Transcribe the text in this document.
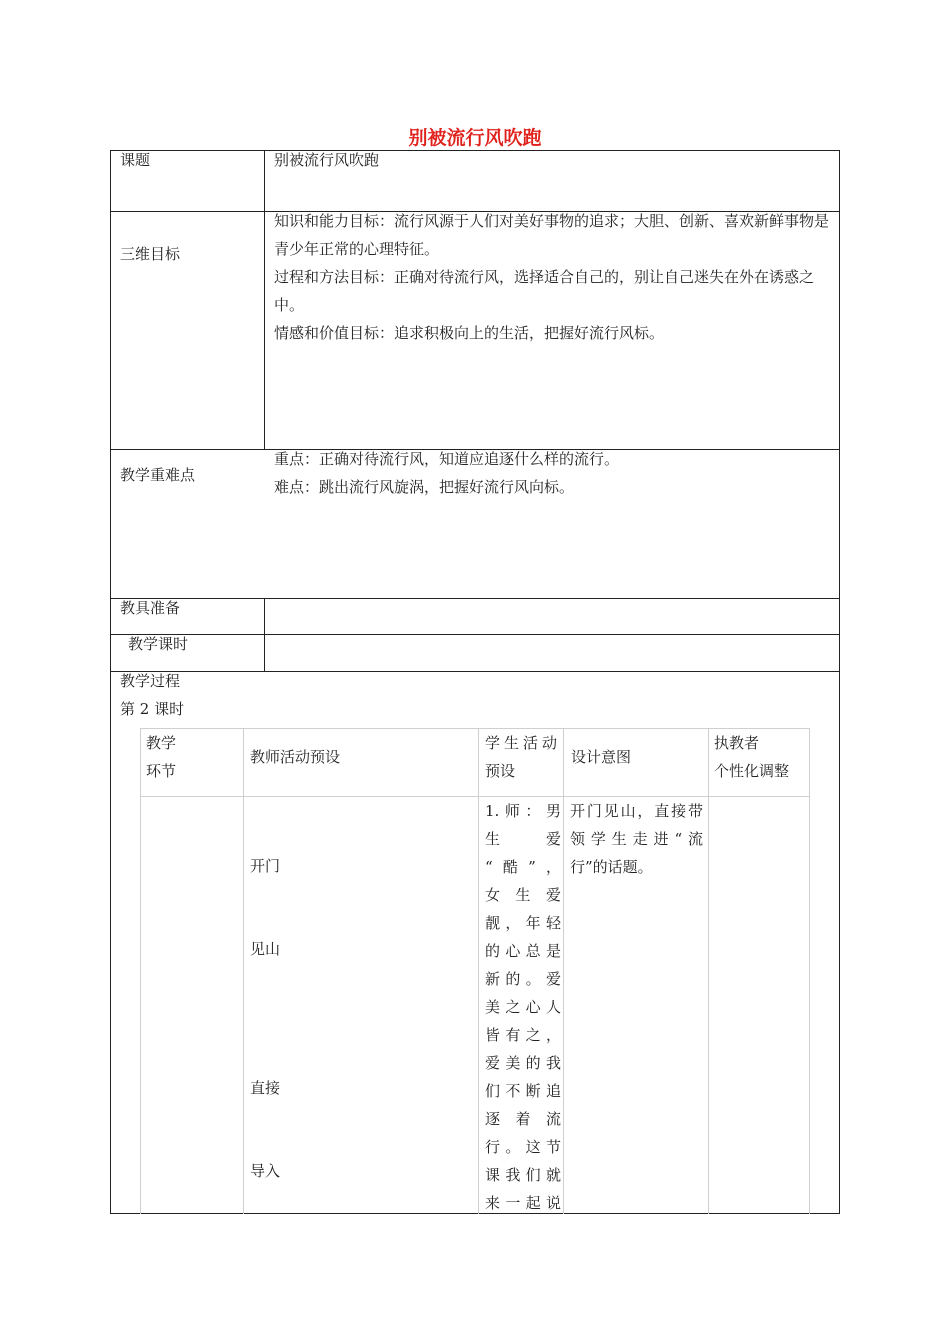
别被流行风吹跑
课题	别被流行风吹跑
三维目标
知识和能力目标：流行风源于人们对美好事物的追求；大胆、创新、喜欢新鲜事物是青少年正常的心理特征。
过程和方法目标：正确对待流行风，选择适合自己的，别让自己迷失在外在诱惑之中。
情感和价值目标：追求积极向上的生活，把握好流行风标。
教学重难点
重点：正确对待流行风，知道应追逐什么样的流行。
难点：跳出流行风旋涡，把握好流行风向标。
教具准备
教学课时
教学过程
第 2 课时
教学
环节
教师活动预设
学生活动
预设
设计意图
执教者
个性化调整
开门
见山
直接
导入
1.师：男
生　爱
“酷”，
女生爱
靓，年轻
的心总是
新的。爱
美之心人
皆有之，
爱美的我
们不断追
逐　着　流
行。这节
课我们就
来一起说
开门见山，直接带
领学生走进“流
行”的话题。
